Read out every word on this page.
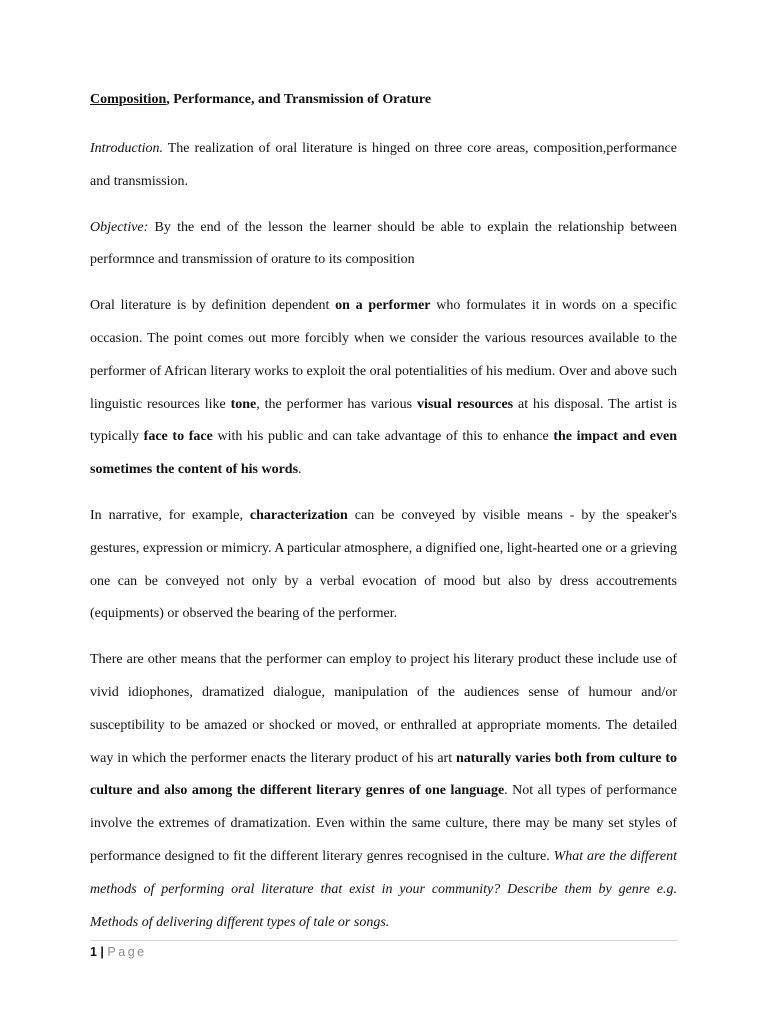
Composition, Performance, and Transmission of Orature

Introduction. The realization of oral literature is hinged on three core areas, composition,performance and transmission.

Objective: By the end of the lesson the learner should be able to explain the relationship between performnce and transmission of orature to its composition

Oral literature is by definition dependent on a performer who formulates it in words on a specific occasion. The point comes out more forcibly when we consider the various resources available to the performer of African literary works to exploit the oral potentialities of his medium. Over and above such linguistic resources like tone, the performer has various visual resources at his disposal. The artist is typically face to face with his public and can take advantage of this to enhance the impact and even sometimes the content of his words.

In narrative, for example, characterization can be conveyed by visible means - by the speaker's gestures, expression or mimicry. A particular atmosphere, a dignified one, light-hearted one or a grieving one can be conveyed not only by a verbal evocation of mood but also by dress accoutrements (equipments) or observed the bearing of the performer.

There are other means that the performer can employ to project his literary product these include use of vivid idiophones, dramatized dialogue, manipulation of the audiences sense of humour and/or susceptibility to be amazed or shocked or moved, or enthralled at appropriate moments. The detailed way in which the performer enacts the literary product of his art naturally varies both from culture to culture and also among the different literary genres of one language. Not all types of performance involve the extremes of dramatization. Even within the same culture, there may be many set styles of performance designed to fit the different literary genres recognised in the culture. What are the different methods of performing oral literature that exist in your community? Describe them by genre e.g. Methods of delivering different types of tale or songs.

1 | Page
